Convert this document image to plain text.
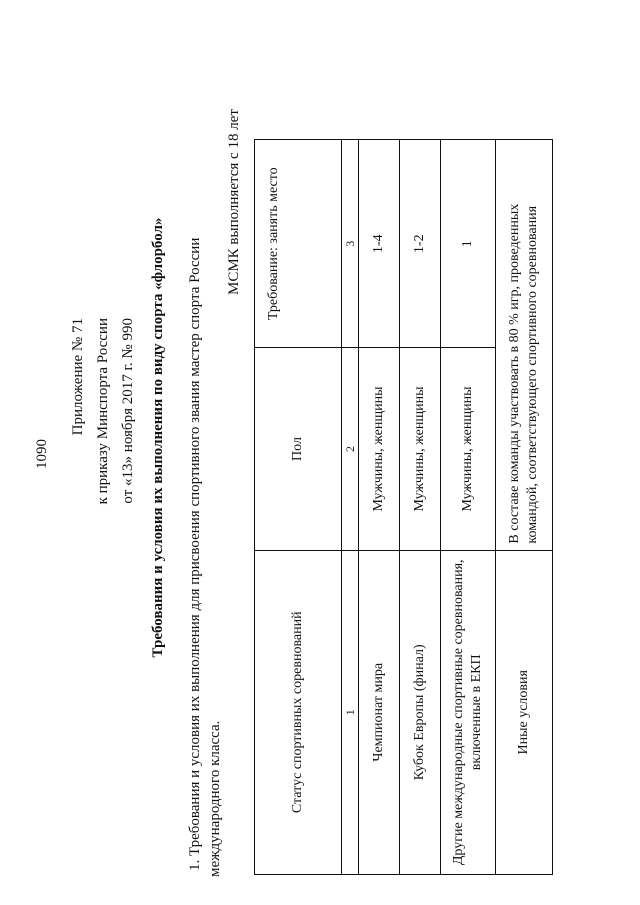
1090
Приложение № 71 к приказу Минспорта России от «13» ноября 2017 г. № 990 Требования и условия их выполнения по виду спорта «флорбол» 1. Требования и условия их выполнения для присвоения спортивного звания мастер спорта России международного класса.
МСМК выполняется с 18 лет
Статус спортивных соревнований	Пол	Требование: занять место
1	2	3
Чемпионат мира	Мужчины, женщины	1-4
Кубок Европы (финал)	Мужчины, женщины	1-2
Другие международные спортивные соревнования, включенные в ЕКП	Мужчины, женщины	1
Иные условия	В составе команды участвовать в 80 % игр, проведенных командой, соответствующего спортивного соревнования	
